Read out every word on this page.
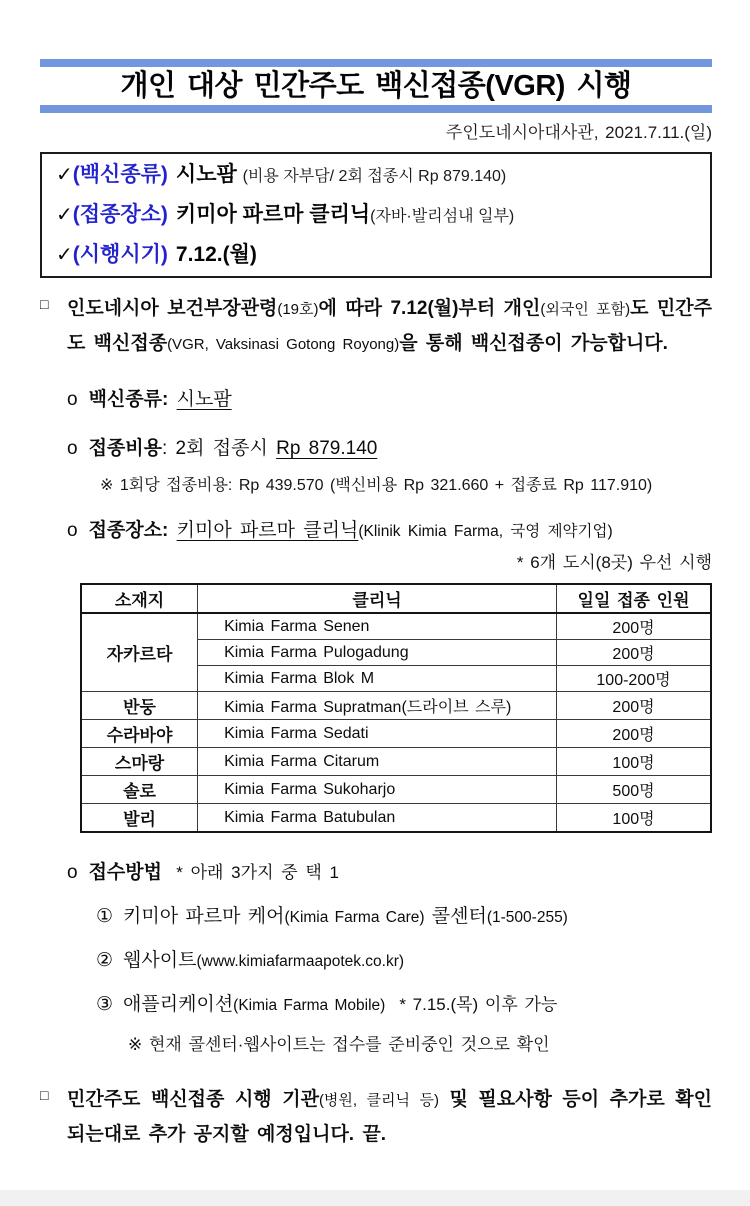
개인 대상 민간주도 백신접종(VGR) 시행
주인도네시아대사관, 2021.7.11.(일)
✓(백신종류) 시노팜 (비용 자부담/ 2회 접종시 Rp 879.140)
✓(접종장소) 키미아 파르마 클리닉(자바·발리섬내 일부)
✓(시행시기) 7.12.(월)
□ 인도네시아 보건부장관령(19호)에 따라 7.12(월)부터 개인(외국인 포함)도 민간주도 백신접종(VGR, Vaksinasi Gotong Royong)을 통해 백신접종이 가능합니다.
o 백신종류: 시노팜
o 접종비용: 2회 접종시 Rp 879.140
※ 1회당 접종비용: Rp 439.570 (백신비용 Rp 321.660 + 접종료 Rp 117.910)
o 접종장소: 키미아 파르마 클리닉(Klinik Kimia Farma, 국영 제약기업)
* 6개 도시(8곳) 우선 시행
소재지	클리닉	일일 접종 인원
자카르타	Kimia Farma Senen	200명
	Kimia Farma Pulogadung	200명
	Kimia Farma Blok M	100-200명
반둥	Kimia Farma Supratman(드라이브 스루)	200명
수라바야	Kimia Farma Sedati	200명
스마랑	Kimia Farma Citarum	100명
솔로	Kimia Farma Sukoharjo	500명
발리	Kimia Farma Batubulan	100명
o 접수방법 * 아래 3가지 중 택 1
① 키미아 파르마 케어(Kimia Farma Care) 콜센터(1-500-255)
② 웹사이트(www.kimiafarmaapotek.co.kr)
③ 애플리케이션(Kimia Farma Mobile) * 7.15.(목) 이후 가능
※ 현재 콜센터·웹사이트는 접수를 준비중인 것으로 확인
□ 민간주도 백신접종 시행 기관(병원, 클리닉 등) 및 필요사항 등이 추가로 확인 되는대로 추가 공지할 예정입니다. 끝.
